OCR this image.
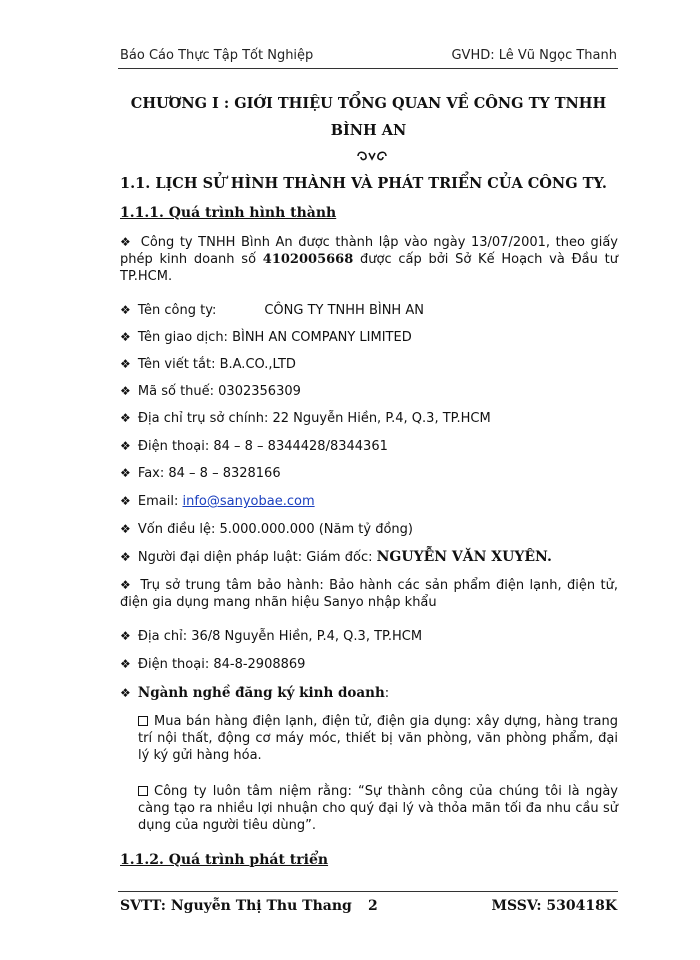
Báo Cáo Thực Tập Tốt Nghiệp	GVHD: Lê Vũ Ngọc Thanh
CHƯƠNG I : GIỚI THIỆU TỔNG QUAN VỀ CÔNG TY TNHH
BÌNH AN
1.1. LỊCH SỬ HÌNH THÀNH VÀ PHÁT TRIỂN CỦA CÔNG TY.
1.1.1. Quá trình hình thành
❖ Công ty TNHH Bình An được thành lập vào ngày 13/07/2001, theo giấy phép kinh doanh số 4102005668 được cấp bởi Sở Kế Hoạch và Đầu tư TP.HCM.
❖ Tên công ty:	CÔNG TY TNHH BÌNH AN
❖ Tên giao dịch: BÌNH AN COMPANY LIMITED
❖ Tên viết tắt: B.A.CO.,LTD
❖ Mã số thuế: 0302356309
❖ Địa chỉ trụ sở chính: 22 Nguyễn Hiền, P.4, Q.3, TP.HCM
❖ Điện thoại: 84 – 8 – 8344428/8344361
❖ Fax: 84 – 8 – 8328166
❖ Email: info@sanyobae.com
❖ Vốn điều lệ: 5.000.000.000 (Năm tỷ đồng)
❖ Người đại diện pháp luật: Giám đốc: NGUYỄN VĂN XUYÊN.
❖ Trụ sở trung tâm bảo hành: Bảo hành các sản phẩm điện lạnh, điện tử, điện gia dụng mang nhãn hiệu Sanyo nhập khẩu
❖ Địa chỉ: 36/8 Nguyễn Hiền, P.4, Q.3, TP.HCM
❖ Điện thoại: 84-8-2908869
❖ Ngành nghề đăng ký kinh doanh:
Mua bán hàng điện lạnh, điện tử, điện gia dụng: xây dựng, hàng trang trí nội thất, động cơ máy móc, thiết bị văn phòng, văn phòng phẩm, đại lý ký gửi hàng hóa.
Công ty luôn tâm niệm rằng: “Sự thành công của chúng tôi là ngày càng tạo ra nhiều lợi nhuận cho quý đại lý và thỏa mãn tối đa nhu cầu sử dụng của người tiêu dùng”.
1.1.2. Quá trình phát triển
SVTT: Nguyễn Thị Thu Thang 2	MSSV: 530418K
